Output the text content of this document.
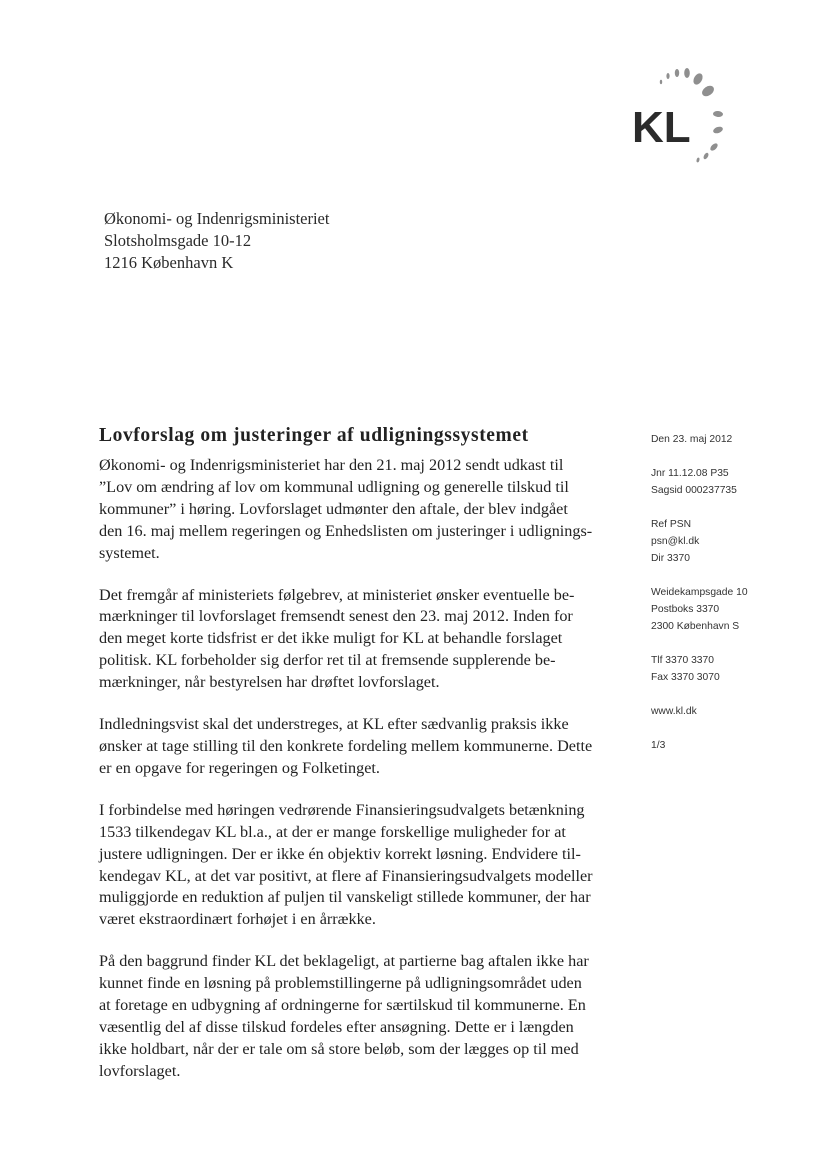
KL
Økonomi- og Indenrigsministeriet
Slotsholmsgade 10-12
1216 København K
Lovforslag om justeringer af udligningssystemet
Økonomi- og Indenrigsministeriet har den 21. maj 2012 sendt udkast til
”Lov om ændring af lov om kommunal udligning og generelle tilskud til
kommuner” i høring. Lovforslaget udmønter den aftale, der blev indgået
den 16. maj mellem regeringen og Enhedslisten om justeringer i udlignings-
systemet.
Det fremgår af ministeriets følgebrev, at ministeriet ønsker eventuelle be-
mærkninger til lovforslaget fremsendt senest den 23. maj 2012. Inden for
den meget korte tidsfrist er det ikke muligt for KL at behandle forslaget
politisk. KL forbeholder sig derfor ret til at fremsende supplerende be-
mærkninger, når bestyrelsen har drøftet lovforslaget.
Indledningsvist skal det understreges, at KL efter sædvanlig praksis ikke
ønsker at tage stilling til den konkrete fordeling mellem kommunerne. Dette
er en opgave for regeringen og Folketinget.
I forbindelse med høringen vedrørende Finansieringsudvalgets betænkning
1533 tilkendegav KL bl.a., at der er mange forskellige muligheder for at
justere udligningen. Der er ikke én objektiv korrekt løsning. Endvidere til-
kendegav KL, at det var positivt, at flere af Finansieringsudvalgets modeller
muliggjorde en reduktion af puljen til vanskeligt stillede kommuner, der har
været ekstraordinært forhøjet i en årrække.
På den baggrund finder KL det beklageligt, at partierne bag aftalen ikke har
kunnet finde en løsning på problemstillingerne på udligningsområdet uden
at foretage en udbygning af ordningerne for særtilskud til kommunerne. En
væsentlig del af disse tilskud fordeles efter ansøgning. Dette er i længden
ikke holdbart, når der er tale om så store beløb, som der lægges op til med
lovforslaget.
Den 23. maj 2012
Jnr 11.12.08 P35
Sagsid 000237735
Ref PSN
psn@kl.dk
Dir 3370
Weidekampsgade 10
Postboks 3370
2300 København S
Tlf 3370 3370
Fax 3370 3070
www.kl.dk
1/3
